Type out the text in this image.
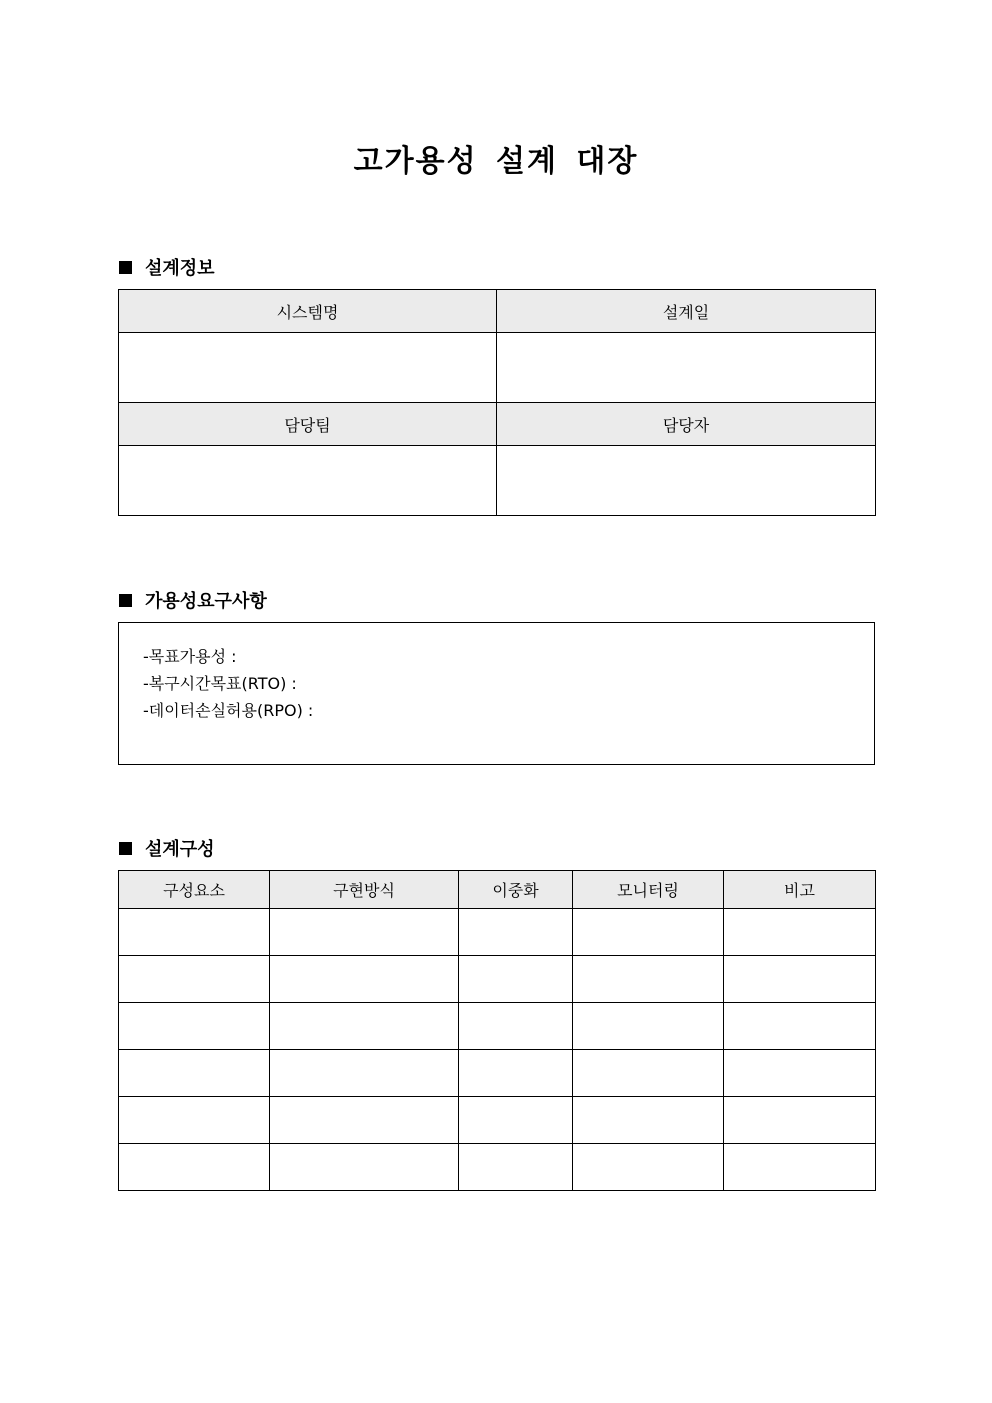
고가용성 설계 대장
설계정보
시스템명	설계일

담당팀	담당자

가용성요구사항
-목표가용성 :
-복구시간목표(RTO) :
-데이터손실허용(RPO) :
설계구성
구성요소	구현방식	이중화	모니터링	비고
